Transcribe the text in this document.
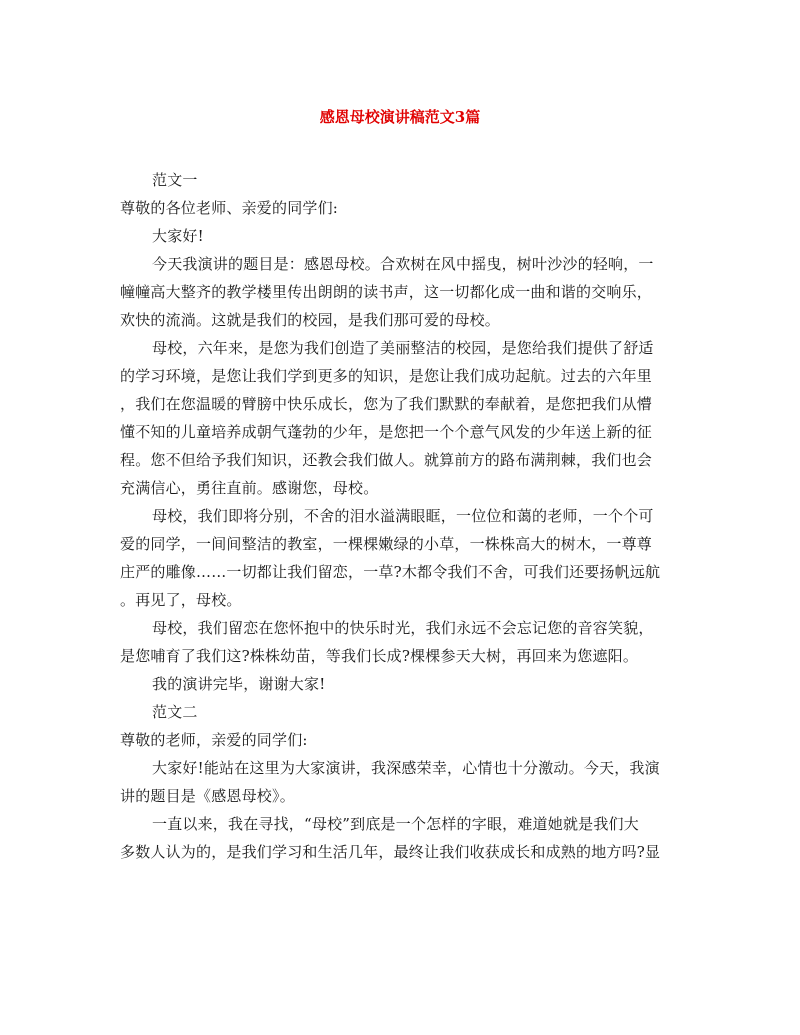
感恩母校演讲稿范文3篇
范文一
尊敬的各位老师、亲爱的同学们:
大家好!
今天我演讲的题目是：感恩母校。合欢树在风中摇曳，树叶沙沙的轻响，一
幢幢高大整齐的教学楼里传出朗朗的读书声，这一切都化成一曲和谐的交响乐，
欢快的流淌。这就是我们的校园，是我们那可爱的母校。
母校，六年来，是您为我们创造了美丽整洁的校园，是您给我们提供了舒适
的学习环境，是您让我们学到更多的知识，是您让我们成功起航。过去的六年里
，我们在您温暖的臂膀中快乐成长，您为了我们默默的奉献着，是您把我们从懵
懂不知的儿童培养成朝气蓬勃的少年，是您把一个个意气风发的少年送上新的征
程。您不但给予我们知识，还教会我们做人。就算前方的路布满荆棘，我们也会
充满信心，勇往直前。感谢您，母校。
母校，我们即将分别，不舍的泪水溢满眼眶，一位位和蔼的老师，一个个可
爱的同学，一间间整洁的教室，一棵棵嫩绿的小草，一株株高大的树木，一尊尊
庄严的雕像……一切都让我们留恋，一草?木都令我们不舍，可我们还要扬帆远航
。再见了，母校。
母校，我们留恋在您怀抱中的快乐时光，我们永远不会忘记您的音容笑貌，
是您哺育了我们这?株株幼苗，等我们长成?棵棵参天大树，再回来为您遮阳。
我的演讲完毕，谢谢大家!
范文二
尊敬的老师，亲爱的同学们:
大家好!能站在这里为大家演讲，我深感荣幸，心情也十分激动。今天，我演
讲的题目是《感恩母校》。
一直以来，我在寻找，“母校”到底是一个怎样的字眼，难道她就是我们大
多数人认为的，是我们学习和生活几年，最终让我们收获成长和成熟的地方吗?显
